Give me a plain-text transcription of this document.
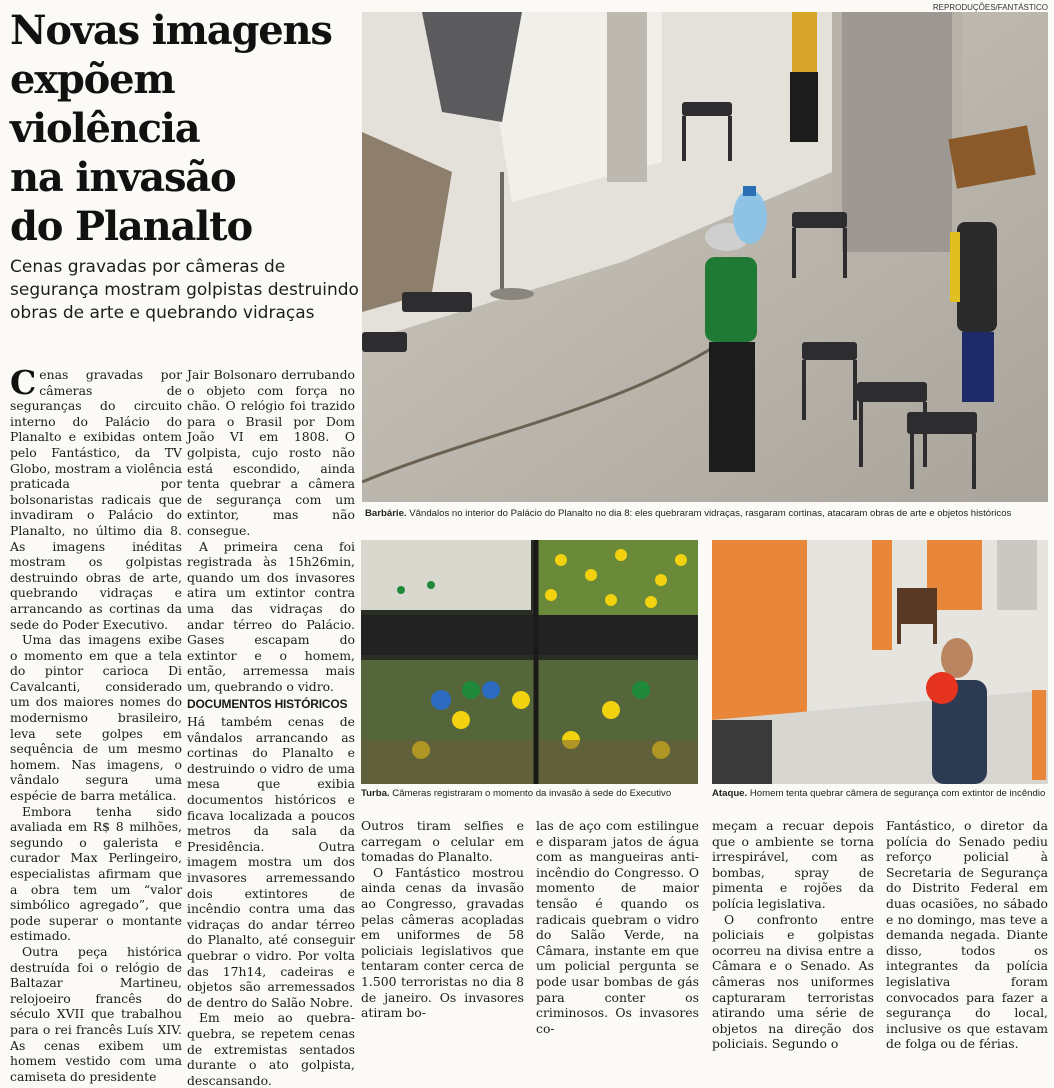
Novas imagens
expõem violência
na invasão
do Planalto
Cenas gravadas por câmeras de
segurança mostram golpistas destruindo
obras de arte e quebrando vidraças
REPRODUÇÕES/FANTÁSTICO
Barbárie. Vândalos no interior do Palácio do Planalto no dia 8: eles quebraram vidraças, rasgaram cortinas, atacaram obras de arte e objetos históricos
Turba. Câmeras registraram o momento da invasão à sede do Executivo	Ataque. Homem tenta quebrar câmera de segurança com extintor de incêndio

Cenas gravadas por câmeras de seguranças do circuito interno do Palácio do Planalto e exibidas ontem pelo Fantástico, da TV Globo, mostram a violência praticada por bolsonaristas radicais que invadiram o Palácio do Planalto, no último dia 8. As imagens inéditas mostram os golpistas destruindo obras de arte, quebrando vidraças e arrancando as cortinas da sede do Poder Executivo.

Uma das imagens exibe o momento em que a tela do pintor carioca Di Cavalcanti, considerado um dos maiores nomes do modernismo brasileiro, leva sete golpes em sequência de um mesmo homem. Nas imagens, o vândalo segura uma espécie de barra metálica.

Embora tenha sido avaliada em R$ 8 milhões, segundo o galerista e curador Max Perlingeiro, especialistas afirmam que a obra tem um “valor simbólico agregado”, que pode superar o montante estimado.

Outra peça histórica destruída foi o relógio de Baltazar Martineu, relojoeiro francês do século XVII que trabalhou para o rei francês Luís XIV. As cenas exibem um homem vestido com uma camiseta do presidente

Jair Bolsonaro derrubando o objeto com força no chão. O relógio foi trazido para o Brasil por Dom João VI em 1808. O golpista, cujo rosto não está escondido, ainda tenta quebrar a câmera de segurança com um extintor, mas não consegue.

A primeira cena foi registrada às 15h26min, quando um dos invasores atira um extintor contra uma das vidraças do andar térreo do Palácio. Gases escapam do extintor e o homem, então, arremessa mais um, quebrando o vidro.

DOCUMENTOS HISTÓRICOS

Há também cenas de vândalos arrancando as cortinas do Planalto e destruindo o vidro de uma mesa que exibia documentos históricos e ficava localizada a poucos metros da sala da Presidência. Outra imagem mostra um dos invasores arremessando dois extintores de incêndio contra uma das vidraças do andar térreo do Planalto, até conseguir quebrar o vidro. Por volta das 17h14, cadeiras e objetos são arremessados de dentro do Salão Nobre.

Em meio ao quebra-quebra, se repetem cenas de extremistas sentados durante o ato golpista, descansando.

Outros tiram selfies e carregam o celular em tomadas do Planalto.

O Fantástico mostrou ainda cenas da invasão ao Congresso, gravadas pelas câmeras acopladas em uniformes de 58 policiais legislativos que tentaram conter cerca de 1.500 terroristas no dia 8 de janeiro. Os invasores atiram bo-

las de aço com estilingue e disparam jatos de água com as mangueiras anti-incêndio do Congresso. O momento de maior tensão é quando os radicais quebram o vidro do Salão Verde, na Câmara, instante em que um policial pergunta se pode usar bombas de gás para conter os criminosos. Os invasores co-

meçam a recuar depois que o ambiente se torna irrespirável, com as bombas, spray de pimenta e rojões da polícia legislativa.

O confronto entre policiais e golpistas ocorreu na divisa entre a Câmara e o Senado. As câmeras nos uniformes capturaram terroristas atirando uma série de objetos na direção dos policiais. Segundo o

Fantástico, o diretor da polícia do Senado pediu reforço policial à Secretaria de Segurança do Distrito Federal em duas ocasiões, no sábado e no domingo, mas teve a demanda negada. Diante disso, todos os integrantes da polícia legislativa foram convocados para fazer a segurança do local, inclusive os que estavam de folga ou de férias.
